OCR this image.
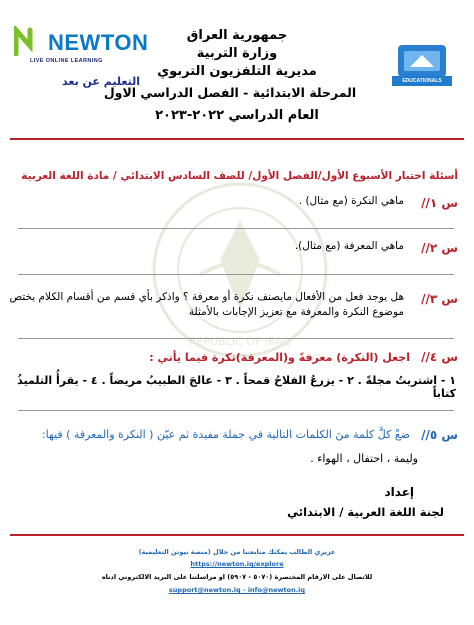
REPUBLIC OF IRAQ
NEWTON
LIVE ONLINE LEARNING
EDUCATIONALS
التعليم عن بعد
جمهورية العراق
وزارة التربية
مديرية التلفزيون التربوي
المرحلة الابتدائية - الفصل الدراسي الاول
العام الدراسي ٢٠٢٢-٢٠٢٣
أسئلة اختبار الأسبوع الأول/الفصل الأول/ للصف السادس الابتدائي / مادة اللغة العربية
س ١//
ماهي النكرة (مع مثال) .
س ٢//
ماهي المعرفة (مع مثال).
س ٣//
هل يوجد فعل من الأفعال مايصنف نكرة أو معرفة ؟ واذكر بأي قسم من أقسام الكلام يختص موضوع النكرة والمعرفة مع تعزيز الإجابات بالأمثلة
س ٤//
اجعل (النكرة) معرفةً و(المعرفة)نكرة فيما يأتي :
١ - اشتريتُ مجلةً . ٢ - يزرعُ الفلاحُ قمحاً . ٣ - عالجَ الطبيبُ مريضاً . ٤ - يقرأُ التلميذُ كتاباً
س ٥//
ضعْ كلَّ كلمة منَ الكلمات التالية في جملة مفيدة ثم عيّن ( النكرة والمعرفة ) فيها:
وليمة ، احتفال ، الهواء .
إعداد
لجنة اللغة العربية / الابتدائي
عزيزي الطالب يمكنك متابعتنا من خلال (منصة نيوتن التعليمية)
https://newton.iq/explore
للاتصال على الارقام المختصرة (٥٠٧٠ - ٥٩٠٧) او مراسلتنا على البريد الالكتروني ادناه
support@newton.iq - info@newton.iq
